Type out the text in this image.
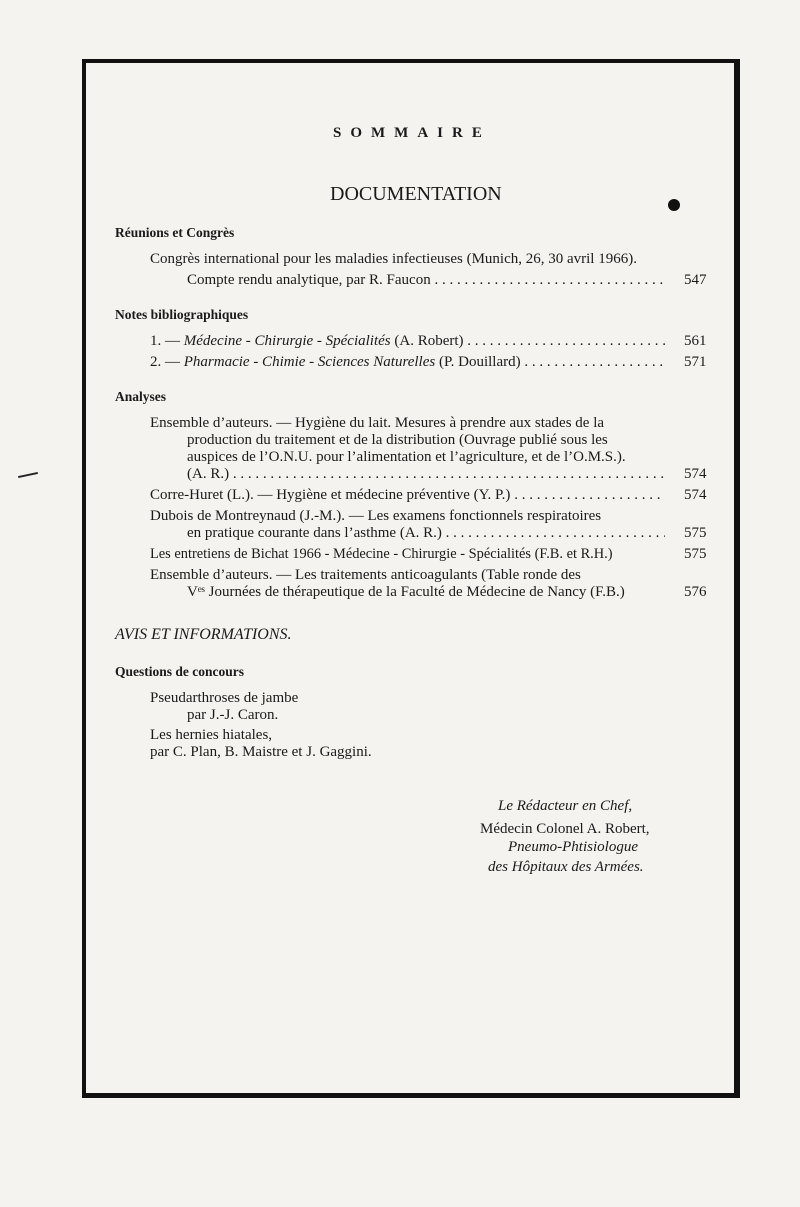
SOMMAIRE
DOCUMENTATION
Réunions et Congrès
Congrès international pour les maladies infectieuses (Munich, 26, 30 avril 1966).
Compte rendu analytique, par R. Faucon . . .	547
Notes bibliographiques
1. — Médecine - Chirurgie - Spécialités (A. Robert) . . .	561
2. — Pharmacie - Chimie - Sciences Naturelles (P. Douillard) . . .	571
Analyses
Ensemble d’auteurs. — Hygiène du lait. Mesures à prendre aux stades de la
production du traitement et de la distribution (Ouvrage publié sous les
auspices de l’O.N.U. pour l’alimentation et l’agriculture, et de l’O.M.S.).
(A. R.) . . .	574
Corre-Huret (L.). — Hygiène et médecine préventive (Y. P.) . . .	574
Dubois de Montreynaud (J.-M.). — Les examens fonctionnels respiratoires
en pratique courante dans l’asthme (A. R.) . . .	575
Les entretiens de Bichat 1966 - Médecine - Chirurgie - Spécialités (F.B. et R.H.)	575
Ensemble d’auteurs. — Les traitements anticoagulants (Table ronde des
Vᵉˢ Journées de thérapeutique de la Faculté de Médecine de Nancy (F.B.)	576
AVIS ET INFORMATIONS.
Questions de concours
Pseudarthroses de jambe
par J.-J. Caron.
Les hernies hiatales,
par C. Plan, B. Maistre et J. Gaggini.
Le Rédacteur en Chef,
Médecin Colonel A. Robert,
Pneumo-Phtisiologue
des Hôpitaux des Armées.
